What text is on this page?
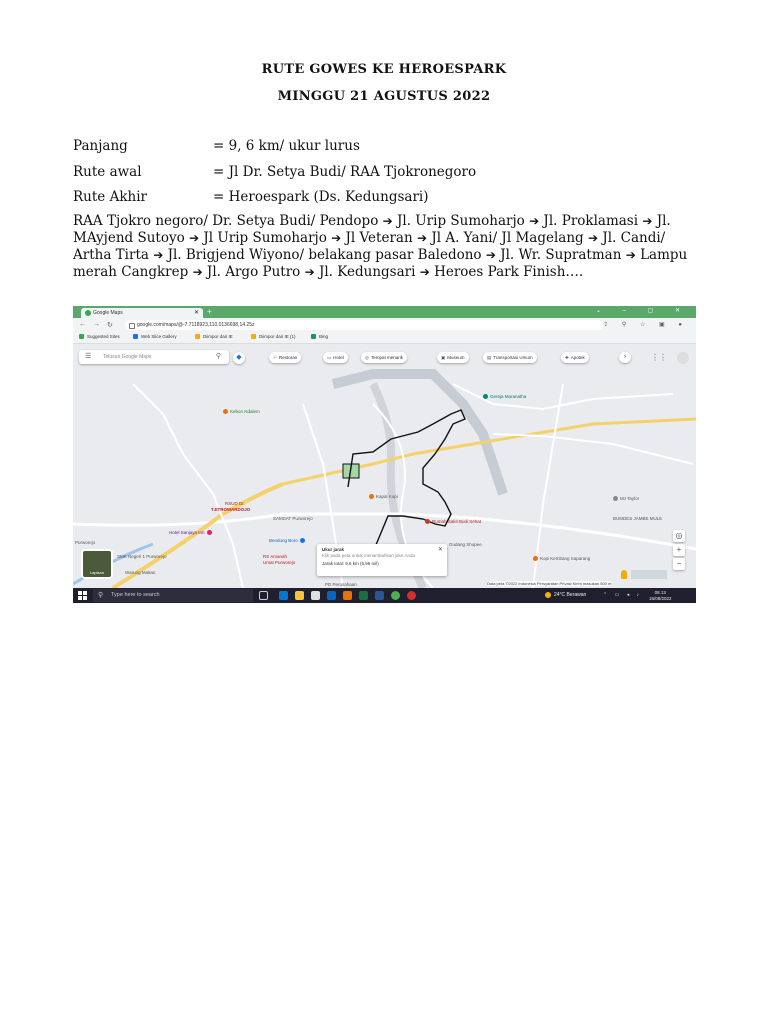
RUTE GOWES KE HEROESPARK
MINGGU 21 AGUSTUS 2022
Panjang	= 9, 6 km/ ukur lurus
Rute awal	= Jl Dr. Setya Budi/ RAA Tjokronegoro
Rute Akhir	= Heroespark (Ds. Kedungsari)
RAA Tjokro negoro/ Dr. Setya Budi/ Pendopo ➔ Jl. Urip Sumoharjo ➔ Jl. Proklamasi ➔ Jl. MAyjend Sutoyo ➔ Jl Urip Sumoharjo ➔ Jl Veteran ➔ Jl A. Yani/ Jl Magelang ➔ Jl. Candi/ Artha Tirta ➔ Jl. Brigjend Wiyono/ belakang pasar Baledono ➔ Jl. Wr. Supratman ➔ Lampu merah Cangkrep ➔ Jl. Argo Putro ➔ Jl. Kedungsari ➔ Heroes Park Finish….
Google Maps	✕ +	⌄ – ▢ ✕
← → ↻	google.com/maps/@-7.7118923,110.0136698,14.25z	⇪ ⚲ ☆ ▣ ●
Suggested Sites	Web Slice Gallery	Diimpor dari IE	Diimpor dari IE (1)	Bing
☰ Telusuri Google Maps	⚲	◆	⚐ Restoran	▭ Hotel	◎ Tempat menarik	▣ Museum	▤ Transportasi Umum	✚ Apotek	›	⋮⋮
Gereja Maranatha
Kebon Ndalem
Kapal Kopi	MJ Taylor
Rumah Sakit Budi Sehat
RSUD Dr.
TJITROWARDOJO
SAMSAT Purworejo
Hotel Sanjaya Inn
Bendung Boro
Purworejo	Gudang Shopee
BUMDES JAMBE MULE
Kopi Kembang Saparang
RS Amanah
Umat Purworejo
Warung Makan
SMK Negeri 1 Purworejo
PD Perusahaan
Lapisan
Ukur jarak
Klik pada peta untuk menambahkan jalur Anda
Jarak total: 9,6 km (5,96 mil)
✕
◎
+
−
Data peta ©2022 Indonesia Persyaratan Privasi Kirim masukan 500 m
⚲ Type here to search	24°C Berawan	⌃ ▭ ◂ ♪	08.13
15/08/2022
